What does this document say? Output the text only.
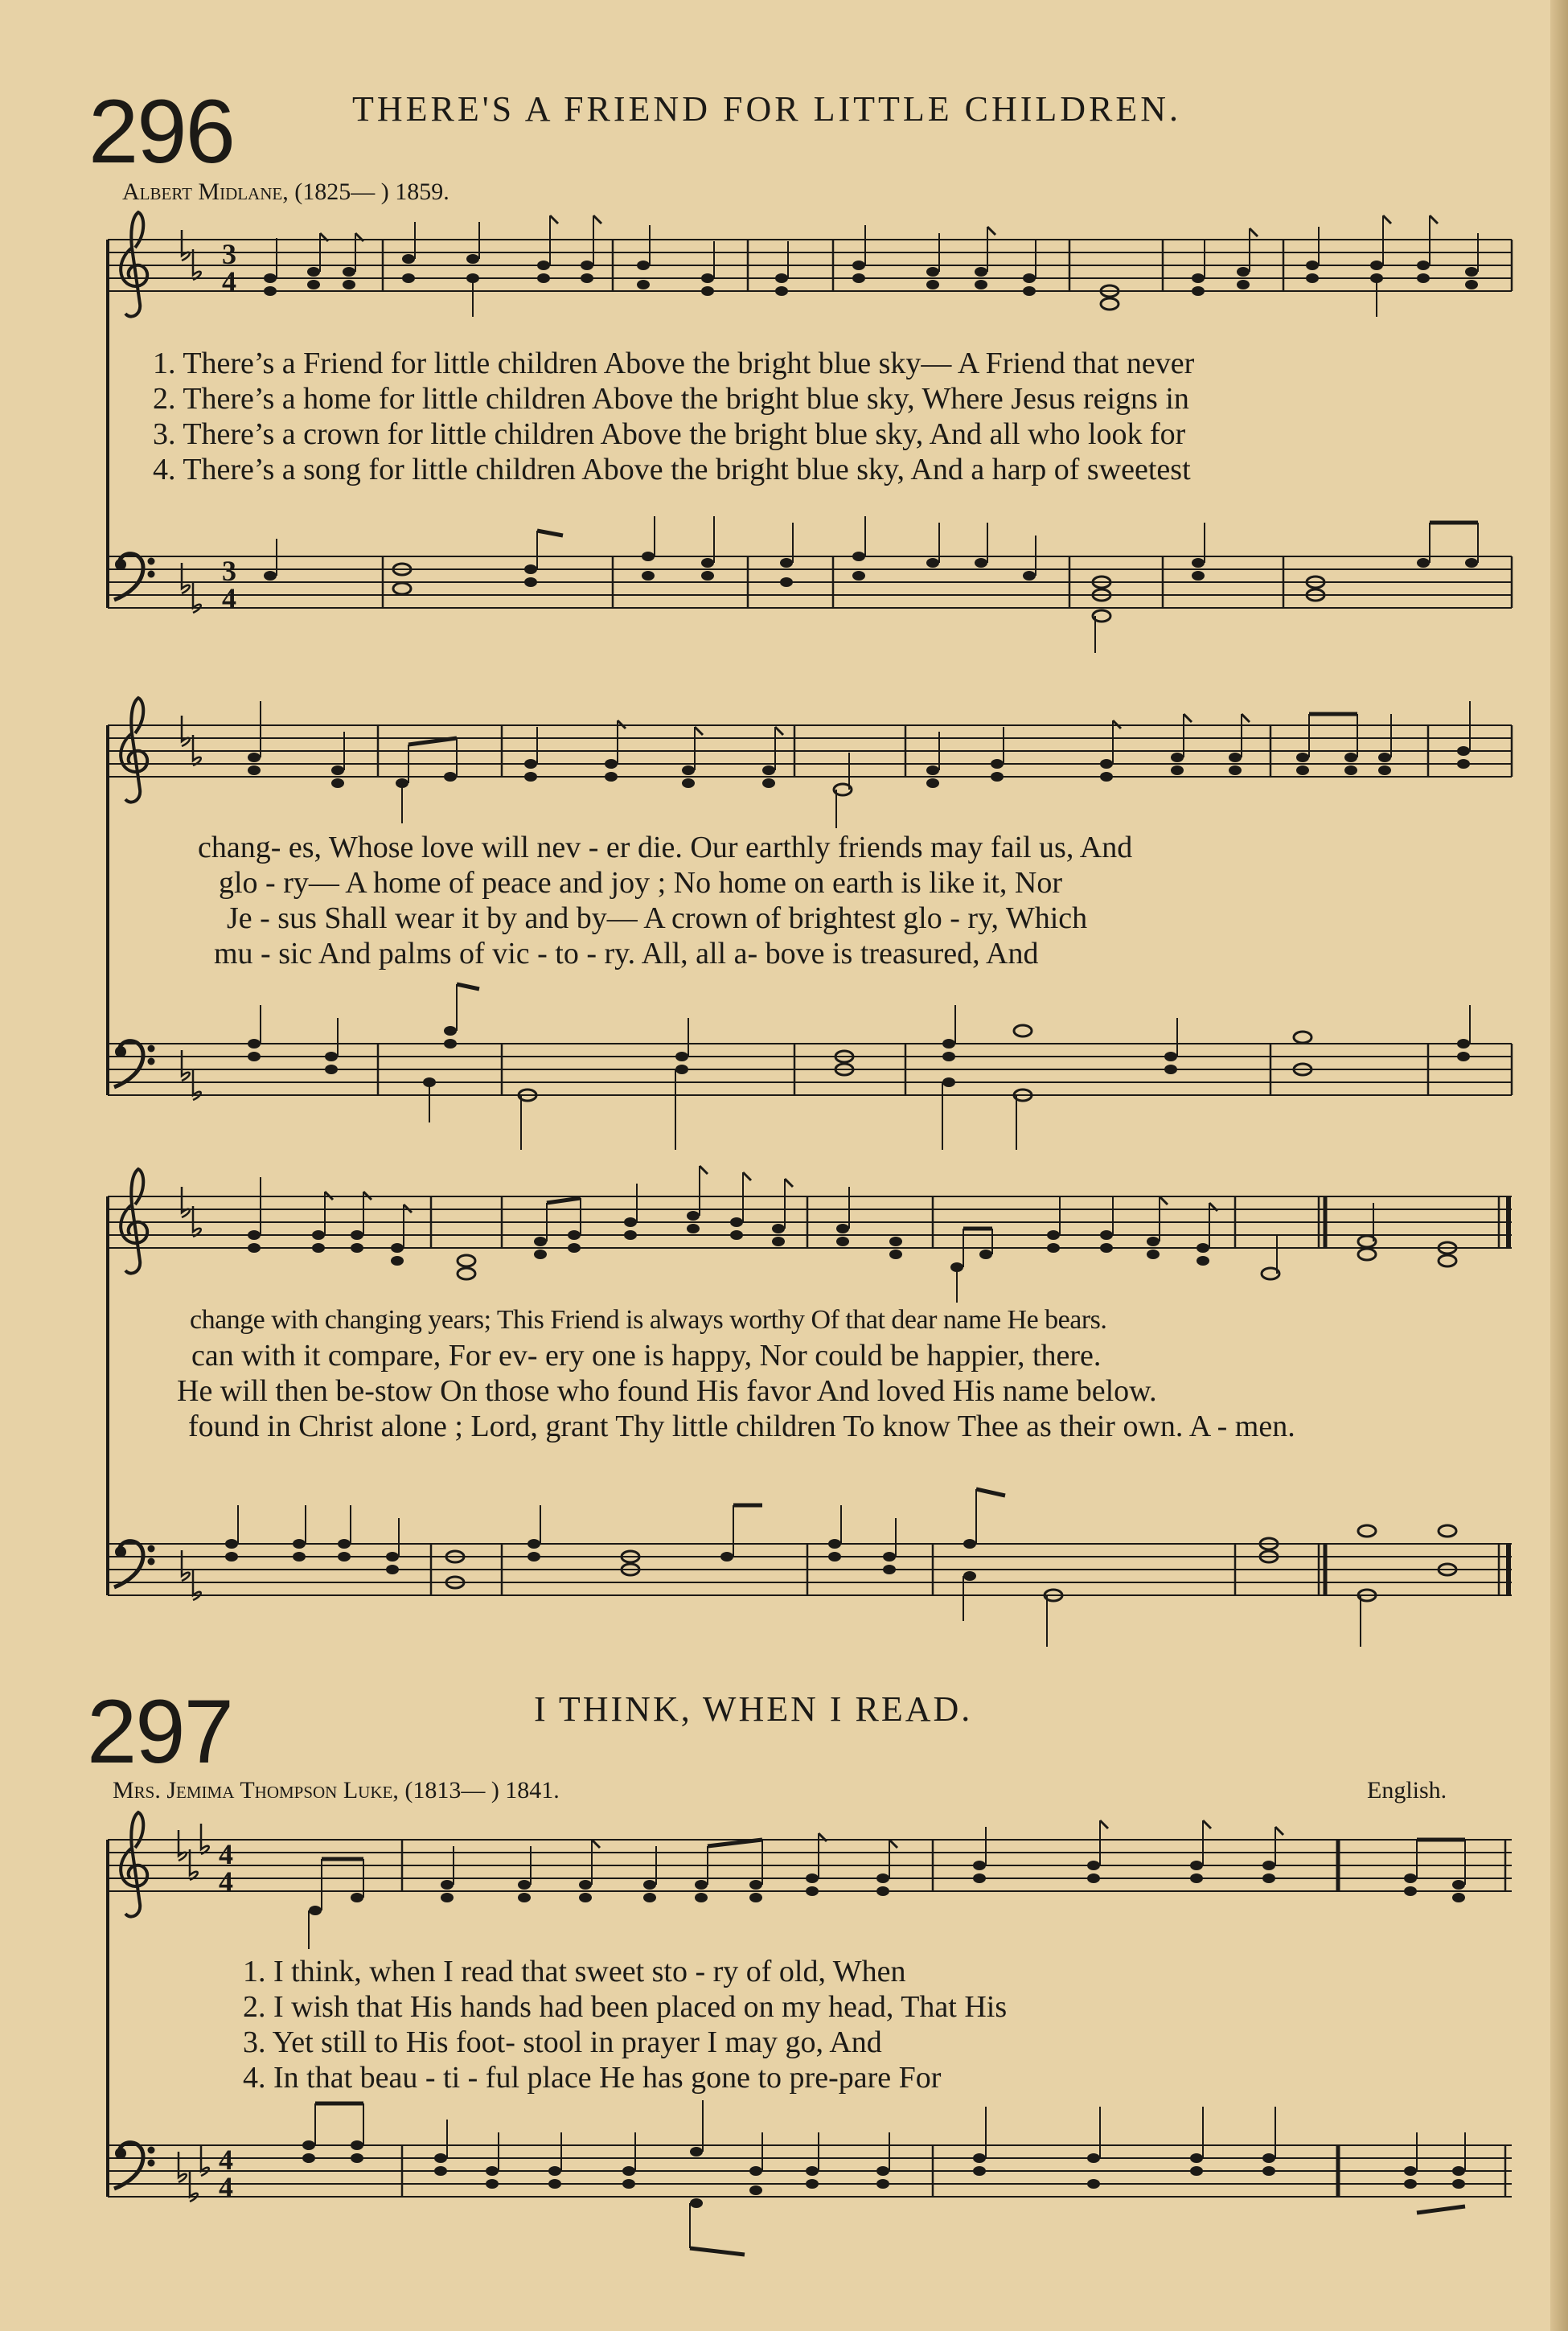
296	THERE'S A FRIEND FOR LITTLE CHILDREN.
Albert Midlane, (1825— ) 1859.
3
4
3
4
4
4
4
4
1. There’s a Friend for little children Above the bright blue sky— A Friend that never
2. There’s a home for little children Above the bright blue sky, Where Jesus reigns in
3. There’s a crown for little children Above the bright blue sky, And all who look for
4. There’s a song for little children Above the bright blue sky, And a harp of sweetest
chang- es, Whose love will nev - er die. Our earthly friends may fail us, And
glo - ry— A home of peace and joy ; No home on earth is like it, Nor
Je - sus Shall wear it by and by— A crown of brightest glo - ry, Which
mu - sic And palms of vic - to - ry. All, all a- bove is treasured, And
change with changing years; This Friend is always worthy Of that dear name He bears.
can with it compare, For ev- ery one is happy, Nor could be happier, there.
He will then be-stow On those who found His favor And loved His name below.
found in Christ alone ; Lord, grant Thy little children To know Thee as their own. A - men.
297	I THINK, WHEN I READ.
Mrs. Jemima Thompson Luke, (1813— ) 1841.	English.
1. I think, when I read that sweet sto - ry of old, When
2. I wish that His hands had been placed on my head, That His
3. Yet still to His foot- stool in prayer I may go, And
4. In that beau - ti - ful place He has gone to pre-pare For
